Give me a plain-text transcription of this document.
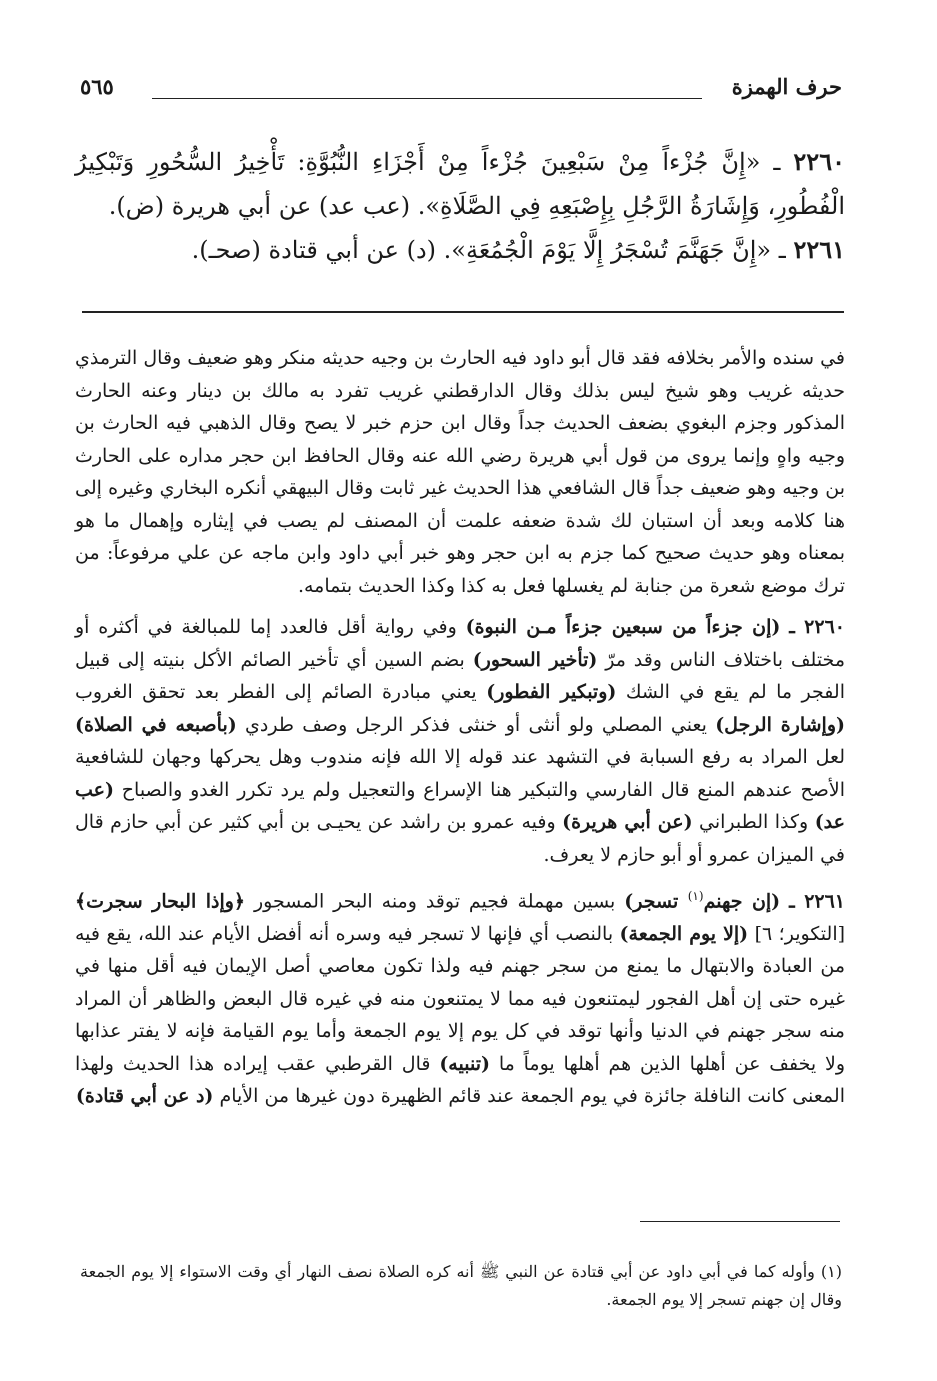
حرف الهمزة
٥٦٥

٢٢٦٠ ـ «إِنَّ جُزْءاً مِنْ سَبْعِينَ جُزْءاً مِنْ أَجْزَاءِ النُّبُوَّةِ: تَأْخِيرُ السُّحُورِ وَتَبْكِيرُ الْفُطُورِ، وَإِشَارَةُ الرَّجُلِ بِإِصْبَعِهِ فِي الصَّلَاةِ». (عب عد) عن أبي هريرة (ض).

٢٢٦١ ـ «إِنَّ جَهَنَّمَ تُسْجَرُ إِلَّا يَوْمَ الْجُمُعَةِ». (د) عن أبي قتادة (صحـ).

في سنده والأمر بخلافه فقد قال أبو داود فيه الحارث بن وجيه حديثه منكر وهو ضعيف وقال الترمذي حديثه غريب وهو شيخ ليس بذلك وقال الدارقطني غريب تفرد به مالك بن دينار وعنه الحارث المذكور وجزم البغوي بضعف الحديث جداً وقال ابن حزم خبر لا يصح وقال الذهبي فيه الحارث بن وجيه واهٍ وإنما يروى من قول أبي هريرة رضي الله عنه وقال الحافظ ابن حجر مداره على الحارث بن وجيه وهو ضعيف جداً قال الشافعي هذا الحديث غير ثابت وقال البيهقي أنكره البخاري وغيره إلى هنا كلامه وبعد أن استبان لك شدة ضعفه علمت أن المصنف لم يصب في إيثاره وإهمال ما هو بمعناه وهو حديث صحيح كما جزم به ابن حجر وهو خبر أبي داود وابن ماجه عن علي مرفوعاً: من ترك موضع شعرة من جنابة لم يغسلها فعل به كذا وكذا الحديث بتمامه.

٢٢٦٠ ـ (إن جزءاً من سبعين جزءاً مـن النبوة) وفي رواية أقل فالعدد إما للمبالغة في أكثره أو مختلف باختلاف الناس وقد مرّ (تأخير السحور) بضم السين أي تأخير الصائم الأكل بنيته إلى قبيل الفجر ما لم يقع في الشك (وتبكير الفطور) يعني مبادرة الصائم إلى الفطر بعد تحقق الغروب (وإشارة الرجل) يعني المصلي ولو أنثى أو خنثى فذكر الرجل وصف طردي (بأصبعه في الصلاة) لعل المراد به رفع السبابة في التشهد عند قوله إلا الله فإنه مندوب وهل يحركها وجهان للشافعية الأصح عندهم المنع قال الفارسي والتبكير هنا الإسراع والتعجيل ولم يرد تكرر الغدو والصباح (عب عد) وكذا الطبراني (عن أبي هريرة) وفيه عمرو بن راشد عن يحيـى بن أبي كثير عن أبي حازم قال في الميزان عمرو أو أبو حازم لا يعرف.

٢٢٦١ ـ (إن جهنم$^{(١)}$ تسجر) بسين مهملة فجيم توقد ومنه البحر المسجور ﴿وإذا البحار سجرت﴾ [التكوير؛ ٦] (إلا يوم الجمعة) بالنصب أي فإنها لا تسجر فيه وسره أنه أفضل الأيام عند الله، يقع فيه من العبادة والابتهال ما يمنع من سجر جهنم فيه ولذا تكون معاصي أصل الإيمان فيه أقل منها في غيره حتى إن أهل الفجور ليمتنعون فيه مما لا يمتنعون منه في غيره قال البعض والظاهر أن المراد منه سجر جهنم في الدنيا وأنها توقد في كل يوم إلا يوم الجمعة وأما يوم القيامة فإنه لا يفتر عذابها ولا يخفف عن أهلها الذين هم أهلها يوماً ما (تنبيه) قال القرطبي عقب إيراده هذا الحديث ولهذا المعنى كانت النافلة جائزة في يوم الجمعة عند قائم الظهيرة دون غيرها من الأيام (د عن أبي قتادة)

(١) وأوله كما في أبي داود عن أبي قتادة عن النبي ﷺ أنه كره الصلاة نصف النهار أي وقت الاستواء إلا يوم الجمعة وقال إن جهنم تسجر إلا يوم الجمعة.
